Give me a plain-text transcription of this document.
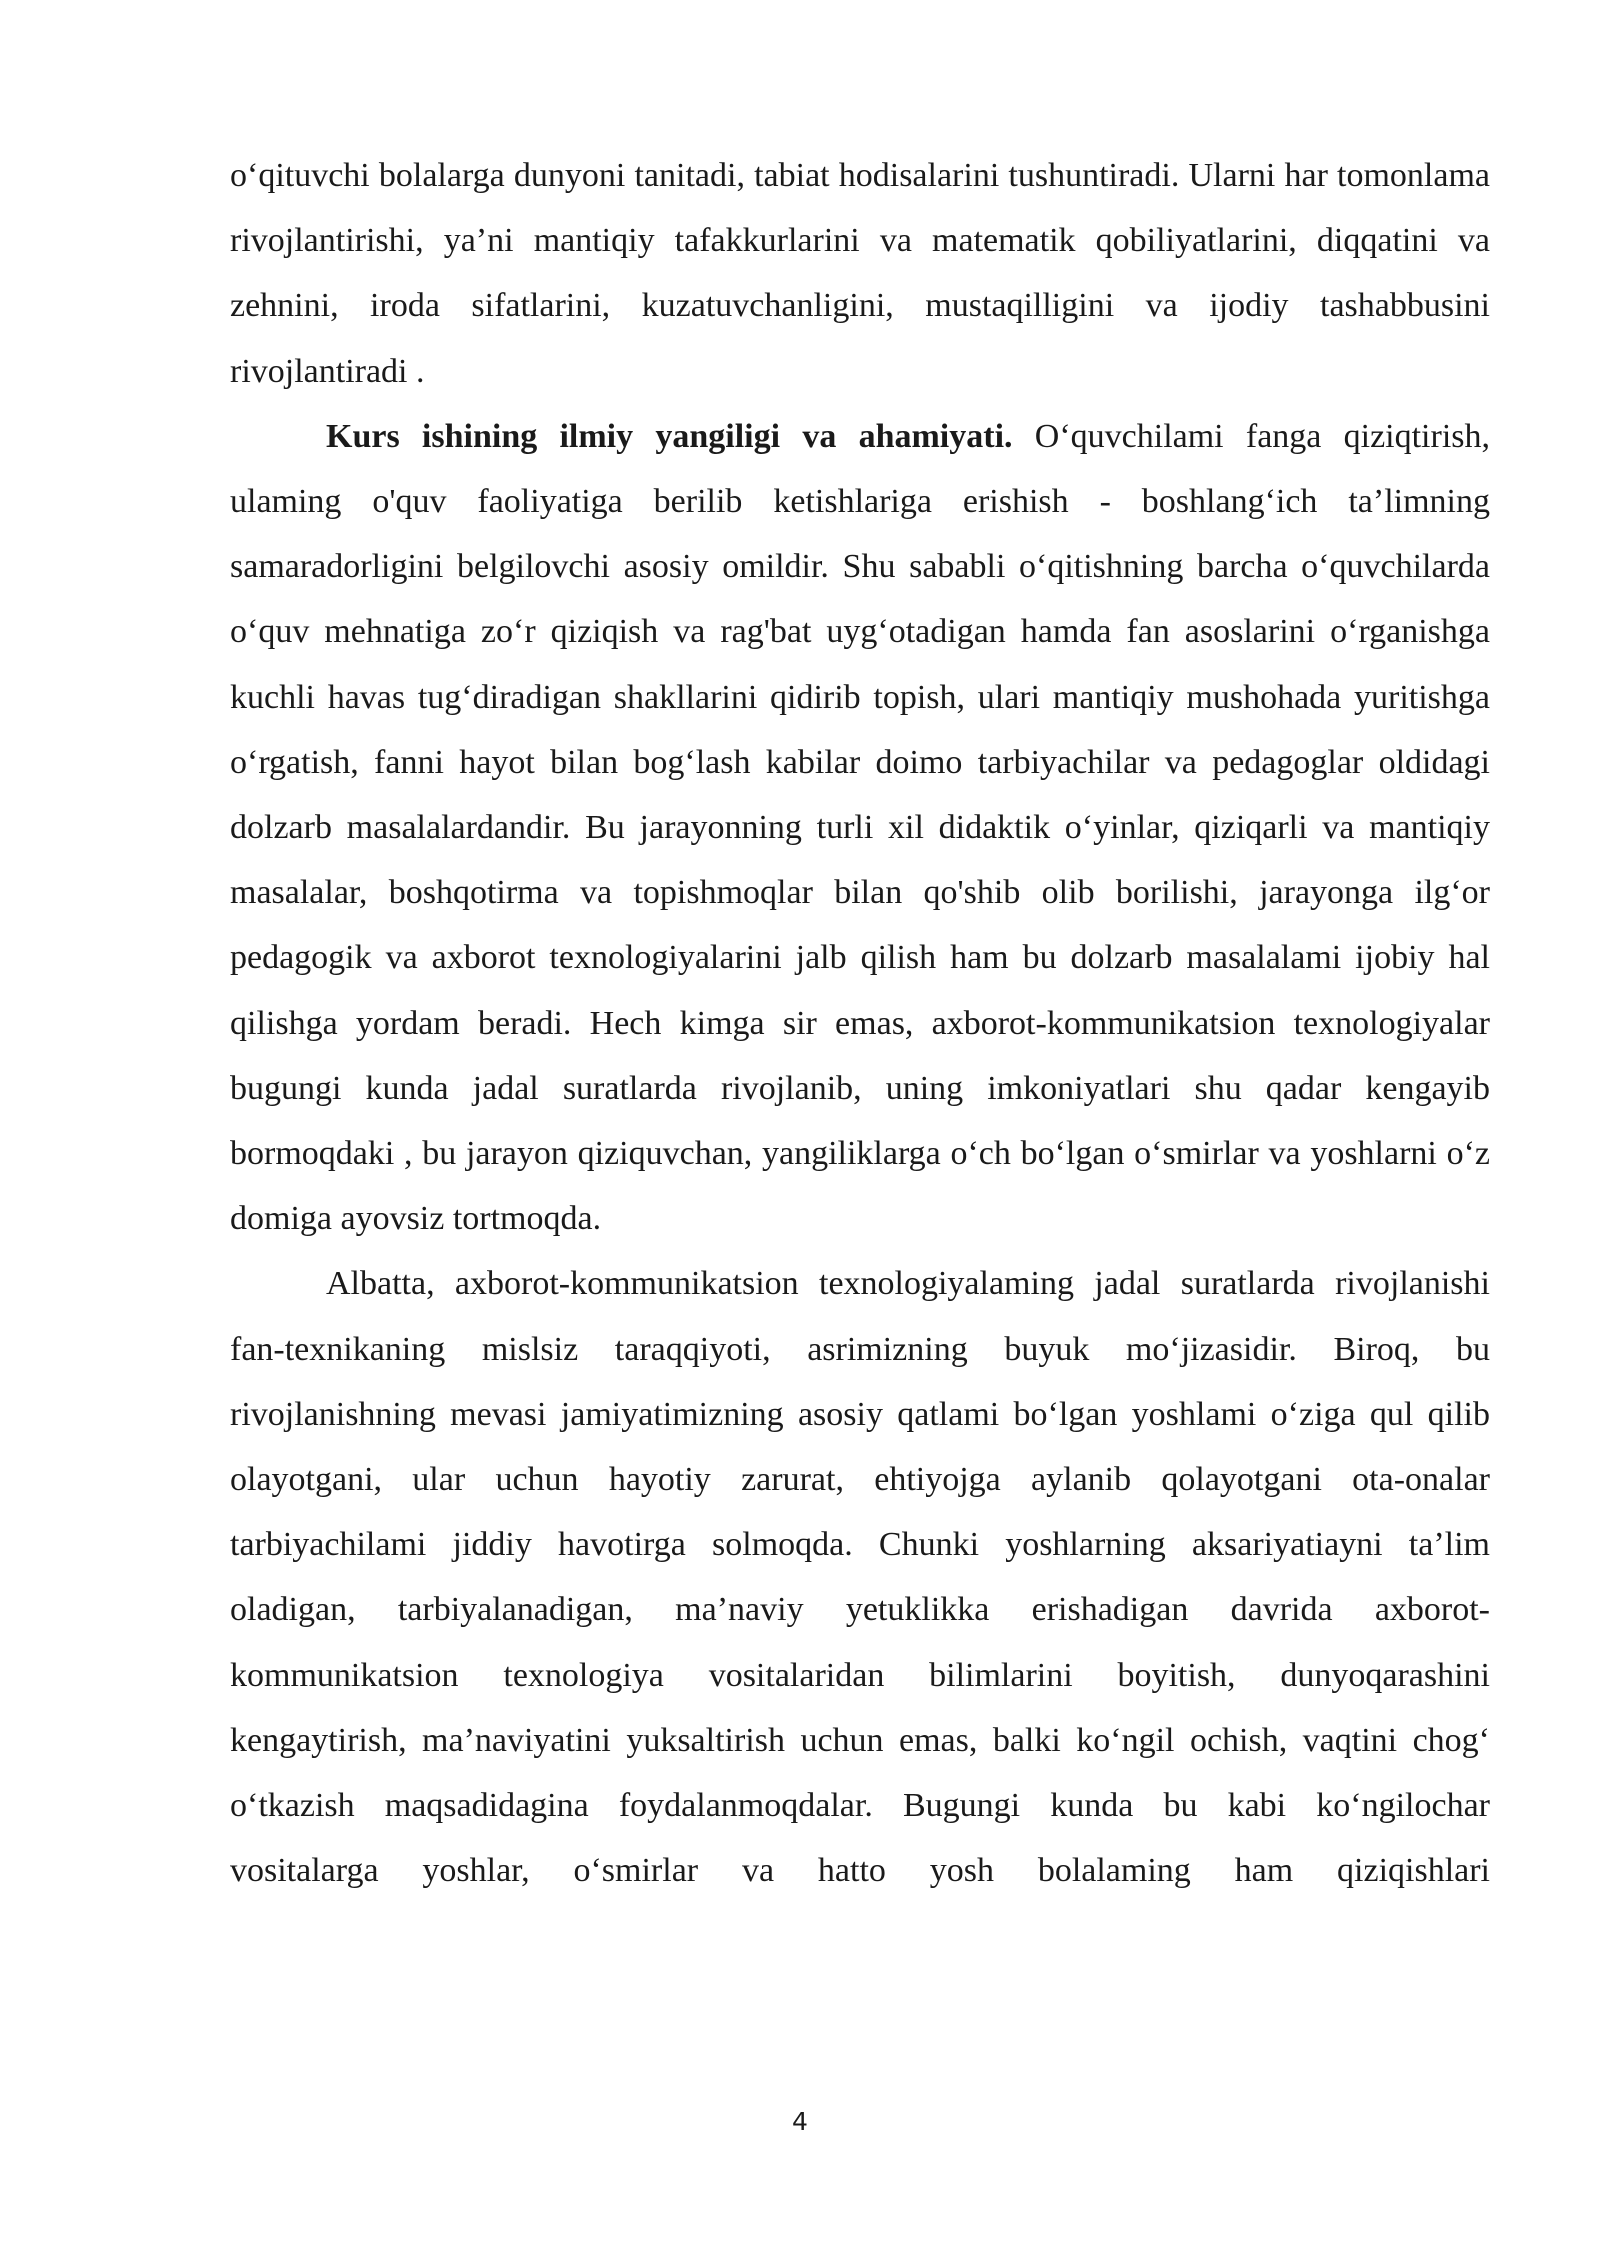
o‘qituvchi bolalarga dunyoni tanitadi, tabiat hodisalarini tushuntiradi. Ularni har tomonlama rivojlantirishi, ya’ni mantiqiy tafakkurlarini va matematik qobiliyatlarini, diqqatini va zehnini, iroda sifatlarini, kuzatuvchanligini, mustaqilligini va ijodiy tashabbusini rivojlantiradi .

Kurs ishining ilmiy yangiligi va ahamiyati. O‘quvchilami fanga qiziqtirish, ulaming o'quv faoliyatiga berilib ketishlariga erishish - boshlang‘ich ta’limning samaradorligini belgilovchi asosiy omildir. Shu sababli o‘qitishning barcha o‘quvchilarda o‘quv mehnatiga zo‘r qiziqish va rag'bat uyg‘otadigan hamda fan asoslarini o‘rganishga kuchli havas tug‘diradigan shakllarini qidirib topish, ulari mantiqiy mushohada yuritishga o‘rgatish, fanni hayot bilan bog‘lash kabilar doimo tarbiyachilar va pedagoglar oldidagi dolzarb masalalardandir. Bu jarayonning turli xil didaktik o‘yinlar, qiziqarli va mantiqiy masalalar, boshqotirma va topishmoqlar bilan qo'shib olib borilishi, jarayonga ilg‘or pedagogik va axborot texnologiyalarini jalb qilish ham bu dolzarb masalalami ijobiy hal qilishga yordam beradi. Hech kimga sir emas, axborot-kommunikatsion texnologiyalar bugungi kunda jadal suratlarda rivojlanib, uning imkoniyatlari shu qadar kengayib bormoqdaki , bu jarayon qiziquvchan, yangiliklarga o‘ch bo‘lgan o‘smirlar va yoshlarni o‘z domiga ayovsiz tortmoqda.

Albatta, axborot-kommunikatsion texnologiyalaming jadal suratlarda rivojlanishi fan-texnikaning mislsiz taraqqiyoti, asrimizning buyuk mo‘jizasidir. Biroq, bu rivojlanishning mevasi jamiyatimizning asosiy qatlami bo‘lgan yoshlami o‘ziga qul qilib olayotgani, ular uchun hayotiy zarurat, ehtiyojga aylanib qolayotgani ota-onalar tarbiyachilami jiddiy havotirga solmoqda. Chunki yoshlarning aksariyatiayni ta’lim oladigan, tarbiyalanadigan, ma’naviy yetuklikka erishadigan davrida axborot-kommunikatsion texnologiya vositalaridan bilimlarini boyitish, dunyoqarashini kengaytirish, ma’naviyatini yuksaltirish uchun emas, balki ko‘ngil ochish, vaqtini chog‘ o‘tkazish maqsadidagina foydalanmoqdalar. Bugungi kunda bu kabi ko‘ngilochar vositalarga yoshlar, o‘smirlar va hatto yosh bolalaming ham qiziqishlari

4
